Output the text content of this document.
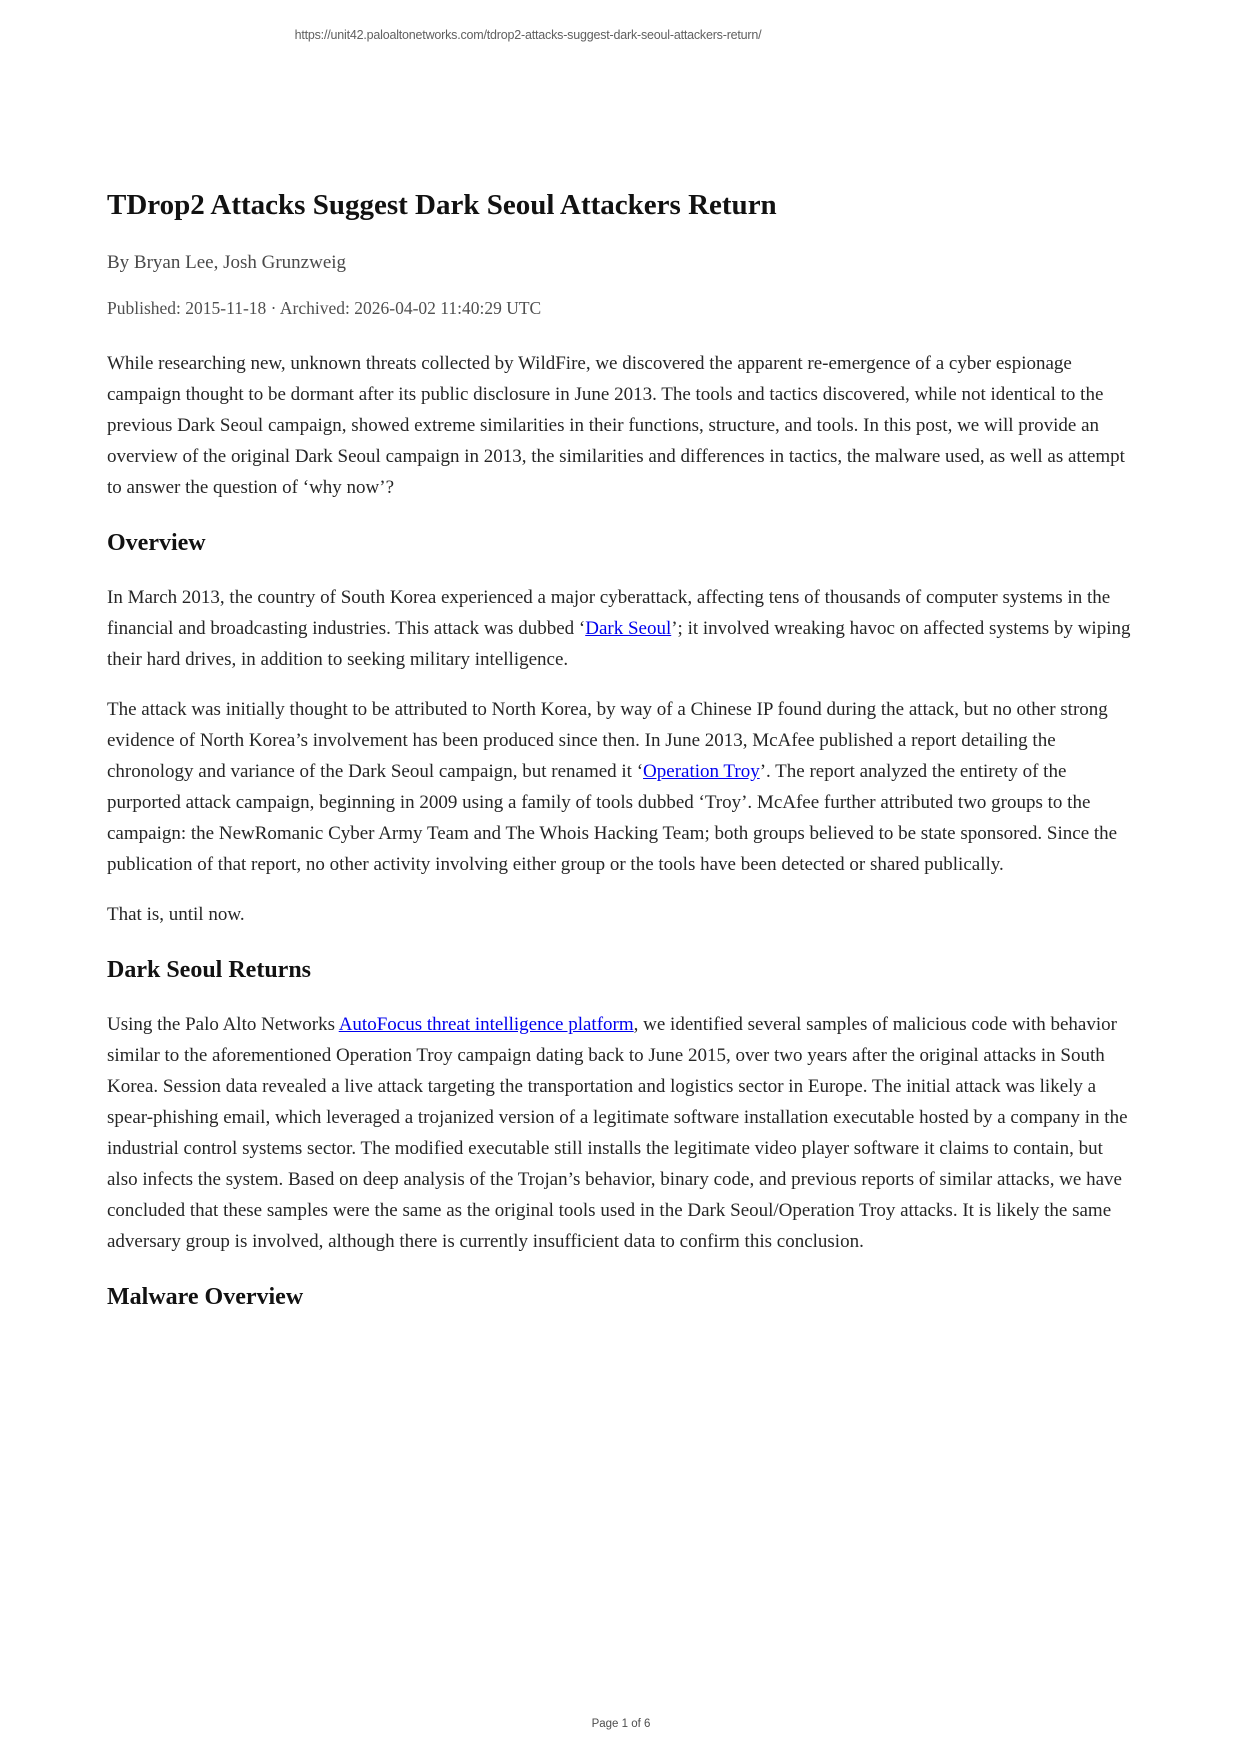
https://unit42.paloaltonetworks.com/tdrop2-attacks-suggest-dark-seoul-attackers-return/
TDrop2 Attacks Suggest Dark Seoul Attackers Return
By Bryan Lee, Josh Grunzweig
Published: 2015-11-18 · Archived: 2026-04-02 11:40:29 UTC

While researching new, unknown threats collected by WildFire, we discovered the apparent re-emergence of a cyber espionage campaign thought to be dormant after its public disclosure in June 2013. The tools and tactics discovered, while not identical to the previous Dark Seoul campaign, showed extreme similarities in their functions, structure, and tools. In this post, we will provide an overview of the original Dark Seoul campaign in 2013, the similarities and differences in tactics, the malware used, as well as attempt to answer the question of ‘why now’?

Overview

In March 2013, the country of South Korea experienced a major cyberattack, affecting tens of thousands of computer systems in the financial and broadcasting industries. This attack was dubbed ‘Dark Seoul’; it involved wreaking havoc on affected systems by wiping their hard drives, in addition to seeking military intelligence.

The attack was initially thought to be attributed to North Korea, by way of a Chinese IP found during the attack, but no other strong evidence of North Korea’s involvement has been produced since then. In June 2013, McAfee published a report detailing the chronology and variance of the Dark Seoul campaign, but renamed it ‘Operation Troy’. The report analyzed the entirety of the purported attack campaign, beginning in 2009 using a family of tools dubbed ‘Troy’. McAfee further attributed two groups to the campaign: the NewRomanic Cyber Army Team and The Whois Hacking Team; both groups believed to be state sponsored. Since the publication of that report, no other activity involving either group or the tools have been detected or shared publically.

That is, until now.

Dark Seoul Returns

Using the Palo Alto Networks AutoFocus threat intelligence platform, we identified several samples of malicious code with behavior similar to the aforementioned Operation Troy campaign dating back to June 2015, over two years after the original attacks in South Korea. Session data revealed a live attack targeting the transportation and logistics sector in Europe. The initial attack was likely a spear-phishing email, which leveraged a trojanized version of a legitimate software installation executable hosted by a company in the industrial control systems sector. The modified executable still installs the legitimate video player software it claims to contain, but also infects the system. Based on deep analysis of the Trojan’s behavior, binary code, and previous reports of similar attacks, we have concluded that these samples were the same as the original tools used in the Dark Seoul/Operation Troy attacks. It is likely the same adversary group is involved, although there is currently insufficient data to confirm this conclusion.

Malware Overview
Page 1 of 6
